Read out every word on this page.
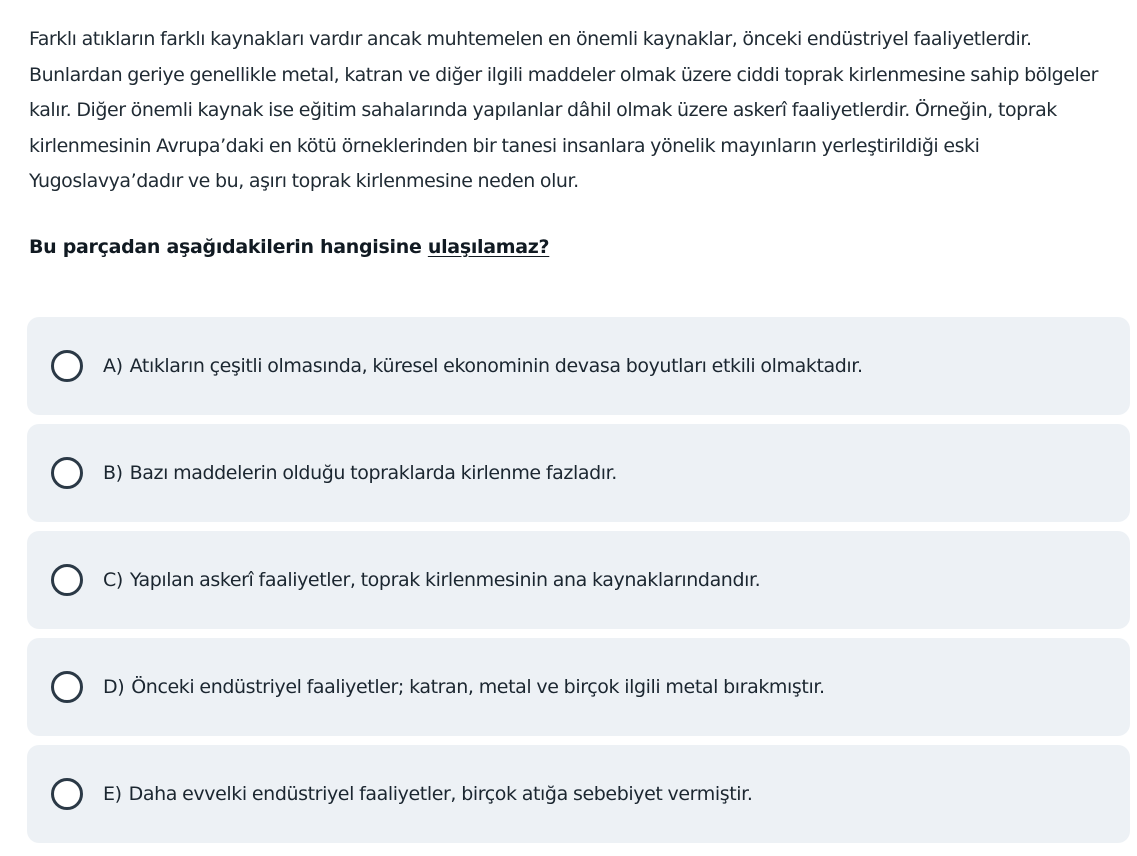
Farklı atıkların farklı kaynakları vardır ancak muhtemelen en önemli kaynaklar, önceki endüstriyel faaliyetlerdir. Bunlardan geriye genellikle metal, katran ve diğer ilgili maddeler olmak üzere ciddi toprak kirlenmesine sahip bölgeler kalır. Diğer önemli kaynak ise eğitim sahalarında yapılanlar dâhil olmak üzere askerî faaliyetlerdir. Örneğin, toprak kirlenmesinin Avrupa’daki en kötü örneklerinden bir tanesi insanlara yönelik mayınların yerleştirildiği eski Yugoslavya’dadır ve bu, aşırı toprak kirlenmesine neden olur.
Bu parçadan aşağıdakilerin hangisine ulaşılamaz?
A) Atıkların çeşitli olmasında, küresel ekonominin devasa boyutları etkili olmaktadır.
B) Bazı maddelerin olduğu topraklarda kirlenme fazladır.
C) Yapılan askerî faaliyetler, toprak kirlenmesinin ana kaynaklarındandır.
D) Önceki endüstriyel faaliyetler; katran, metal ve birçok ilgili metal bırakmıştır.
E) Daha evvelki endüstriyel faaliyetler, birçok atığa sebebiyet vermiştir.
